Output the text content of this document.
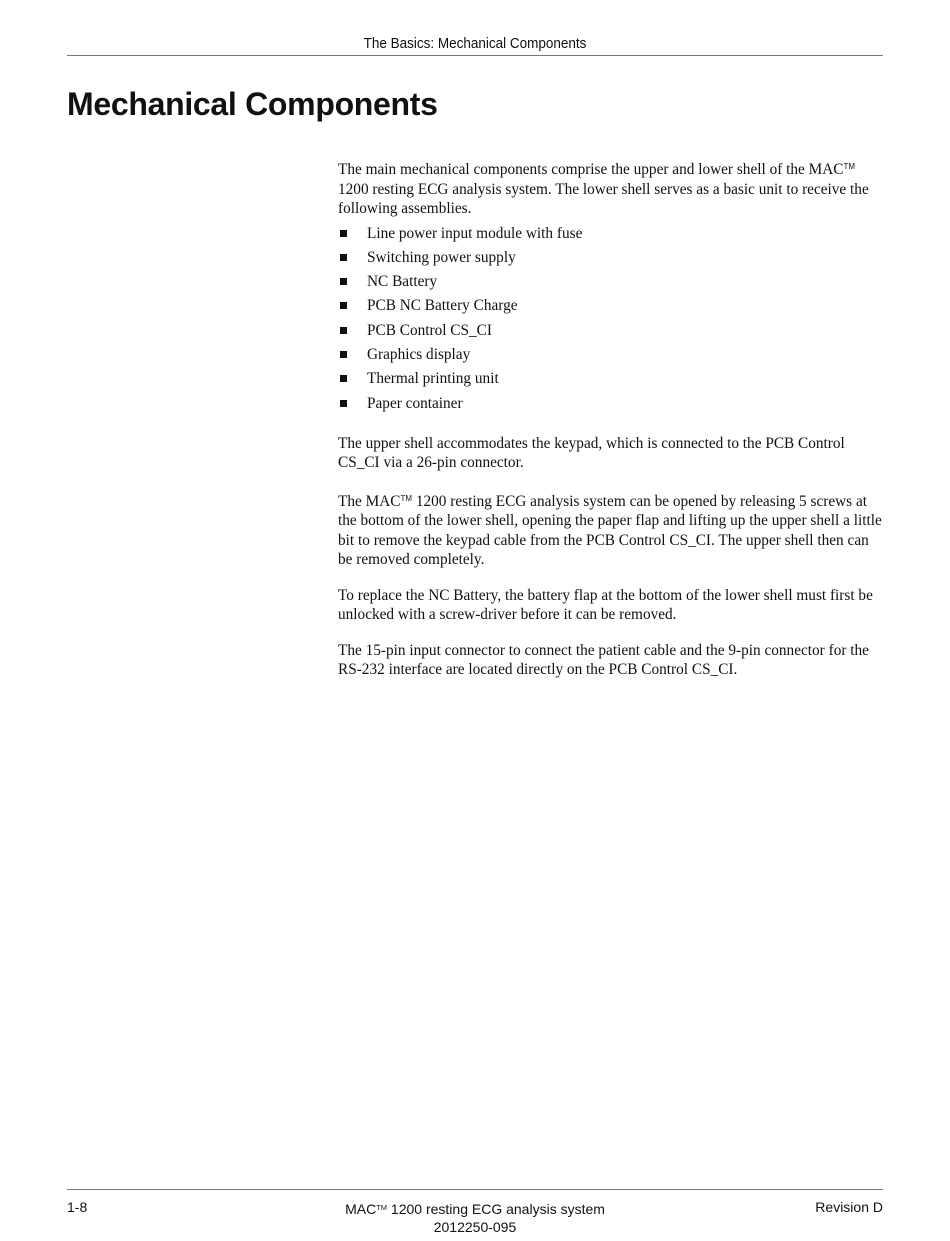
The Basics: Mechanical Components
Mechanical Components

The main mechanical components comprise the upper and lower shell of the MAC™ 1200 resting ECG analysis system. The lower shell serves as a basic unit to receive the following assemblies.

Line power input module with fuse
Switching power supply
NC Battery
PCB NC Battery Charge
PCB Control CS_CI
Graphics display
Thermal printing unit
Paper container

The upper shell accommodates the keypad, which is connected to the PCB Control CS_CI via a 26-pin connector.

The MAC™ 1200 resting ECG analysis system can be opened by releasing 5 screws at the bottom of the lower shell, opening the paper flap and lifting up the upper shell a little bit to remove the keypad cable from the PCB Control CS_CI. The upper shell then can be removed completely.

To replace the NC Battery, the battery flap at the bottom of the lower shell must first be unlocked with a screw-driver before it can be removed.

The 15-pin input connector to connect the patient cable and the 9-pin connector for the RS-232 interface are located directly on the PCB Control CS_CI.

1-8	MAC™ 1200 resting ECG analysis system
2012250-095
Revision D
